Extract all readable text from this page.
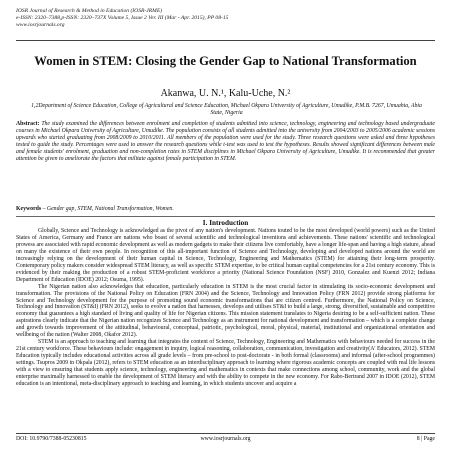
IOSR Journal of Research & Method in Education (IOSR-JRME)
e-ISSN: 2320–7388,p-ISSN: 2320–737X Volume 5, Issue 2 Ver. III (Mar - Apr. 2015), PP 08-15
www.iosrjournals.org
Women in STEM: Closing the Gender Gap to National Transformation
Akanwa, U. N.¹, Kalu-Uche, N.²
1,2Department of Science Education, College of Agricultural and Science Education, Michael Okpara University of Agriculture, Umudike, P.M.B. 7267, Umuahia, Abia State, Nigeria
Abstract: The study examined the differences between enrolment and completion of students admitted into science, technology, engineering and technology based undergraduate courses in Michael Okpara University of Agriculture, Umudike. The population consists of all students admitted into the university from 2004/2003 to 2005/2006 academic sessions upwards who started graduating from 2008/2009 to 2010/2011. All members of the population were used for the study. Three research questions were asked and three hypotheses tested to guide the study. Percentages were used to answer the research questions while t-test was used to test the hypotheses. Results showed significant differences between male and female students' enrolment, graduation and non-completion rates in STEM disciplines in Michael Okpara University of Agriculture, Umudike. It is recommended that greater attention be given to ameliorate the factors that militate against female participation in STEM.
Keywords – Gender gap, STEM, National Transformation, Women.
I. Introduction

Globally, Science and Technology is acknowledged as the pivot of any nation's development. Nations touted to be the most developed (world powers) such as the United States of America, Germany and France are nations who boast of several scientific and technological inventions and achievements. These nations' scientific and technological prowess are associated with rapid economic development as well as modern gadgets to make their citizens live comfortably, have a longer life-span and having a high stature, ahead on many the existence of their own people. In recognition of this all-important function of Science and Technology, developing and developed nations around the world are increasingly relying on the development of their human capital in Science, Technology, Engineering and Mathematics (STEM) for attaining their long-term prosperity. Contemporary policy makers consider widespread STEM literacy, as well as specific STEM expertise, to be critical human capital competencies for a 21st century economy. This is evidenced by their making the production of a robust STEM-proficient workforce a priority (National Science Foundation (NSF) 2010, Gonzalez and Kuenzi 2012; Indiana Department of Education (IDOE) 2012; Osuma, 1995).

The Nigerian nation also acknowledges that education, particularly education in STEM is the most crucial factor in stimulating its socio-economic development and transformation. The provisions of the National Policy on Education (FRN 2004) and the Science, Technology and Innovation Policy (FRN 2012) provide strong platforms for Science and Technology development for the purpose of promoting sound economic transformations that are citizen centred. Furthermore, the National Policy on Science, Technology and Innovation (ST&I) (FRN 2012), seeks to evolve a nation that harnesses, develops and utilises ST&I to build a large, strong, diversified, sustainable and competitive economy that guarantees a high standard of living and quality of life for Nigerian citizens. This mission statement translates to Nigeria desiring to be a self-sufficient nation. These aspirations clearly indicate that the Nigerian nation recognizes Science and Technology as an instrument for national development and transformation – which is a complete change and growth towards improvement of the attitudinal, behavioural, conceptual, patriotic, psychological, moral, physical, material, institutional and organizational orientation and wellbeing of the nation (Walter 2008, Okafor 2012).

STEM is an approach to teaching and learning that integrates the content of Science, Technology, Engineering and Mathematics with behaviours needed for success in the 21st century workforce. These behaviours include: engagement in inquiry, logical reasoning, collaboration, communication, investigation and creativity(A' Educators, 2012). STEM Education typically includes educational activities across all grade levels – from pre-school to post-doctorate - in both formal (classrooms) and informal (after-school programmes) settings. Tsupros 2009 in Okpala (2012), refers to STEM education as an interdisciplinary approach to learning where rigorous academic concepts are coupled with real life lessons with a view to ensuring that students apply science, technology, engineering and mathematics in contexts that make connections among school, community, work and the global enterprise maximally harnessed to enable the development of STEM literacy and with the ability to compete in the new economy. For Rabo-Bertrand 2007 in IDOE (2012), STEM education is an intentional, meta-disciplinary approach to teaching and learning, in which students uncover and acquire a

DOI: 10.9790/7388-05230815	www.iosrjournals.org	8 | Page
